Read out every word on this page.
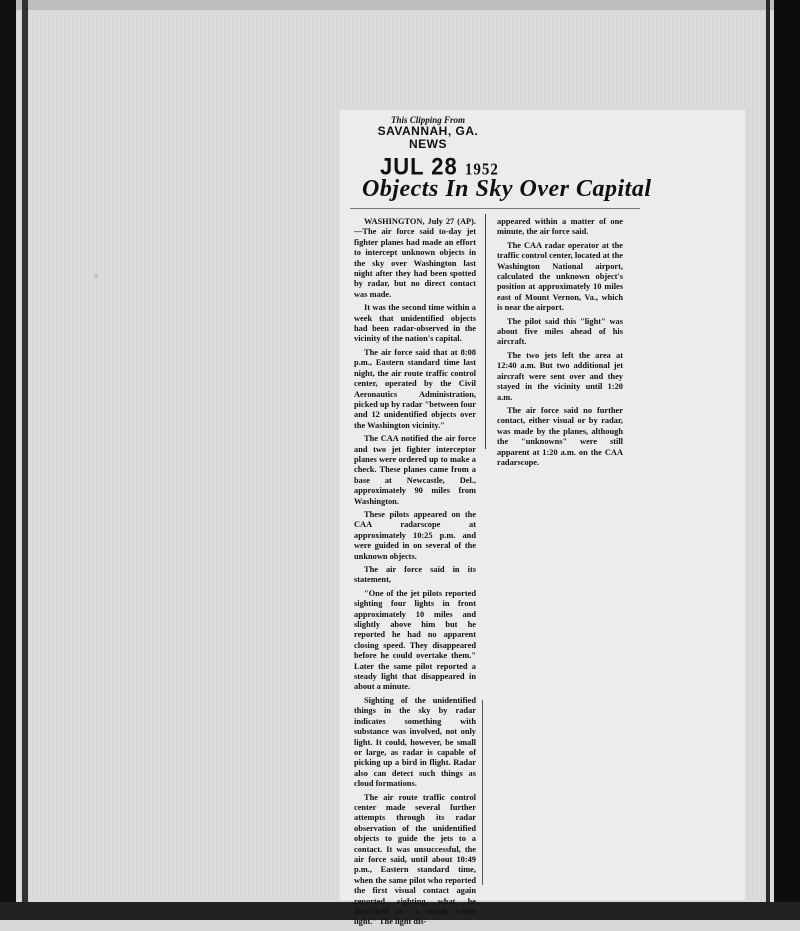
This Clipping From
SAVANNAH, GA.
NEWS
JUL 28 1952
Objects In Sky Over Capital

WASHINGTON, July 27 (AP).—The air force said to-day jet fighter planes had made an effort to intercept unknown objects in the sky over Washington last night after they had been spotted by radar, but no direct contact was made.

It was the second time within a week that unidentified objects had been radar-observed in the vicinity of the nation's capital.

The air force said that at 8:08 p.m., Eastern standard time last night, the air route traffic control center, operated by the Civil Aeronautics Administration, picked up by radar "between four and 12 unidentified objects over the Washington vicinity."

The CAA notified the air force and two jet fighter interceptor planes were ordered up to make a check. These planes came from a base at Newcastle, Del., approximately 90 miles from Washington.

These pilots appeared on the CAA radarscope at approximately 10:25 p.m. and were guided in on several of the unknown objects.

The air force said in its statement,

"One of the jet pilots reported sighting four lights in front approximately 10 miles and slightly above him but he reported he had no apparent closing speed. They disappeared before he could overtake them." Later the same pilot reported a steady light that disappeared in about a minute.

Sighting of the unidentified things in the sky by radar indicates something with substance was involved, not only light. It could, however, be small or large, as radar is capable of picking up a bird in flight. Radar also can detect such things as cloud formations.

The air route traffic control center made several further attempts through its radar observation of the unidentified objects to guide the jets to a contact. It was unsuccessful, the air force said, until about 10:49 p.m., Eastern standard time, when the same pilot who reported the first visual contact again reported sighting what he described as "a steady white light." The light dis-

appeared within a matter of one minute, the air force said.

The CAA radar operator at the traffic control center, located at the Washington National airport, calculated the unknown object's position at approximately 10 miles east of Mount Vernon, Va., which is near the airport.

The pilot said this "light" was about five miles ahead of his aircraft.

The two jets left the area at 12:40 a.m. But two additional jet aircraft were sent over and they stayed in the vicinity until 1:20 a.m.

The air force said no further contact, either visual or by radar, was made by the planes, although the "unknowns" were still apparent at 1:20 a.m. on the CAA radarscope.
